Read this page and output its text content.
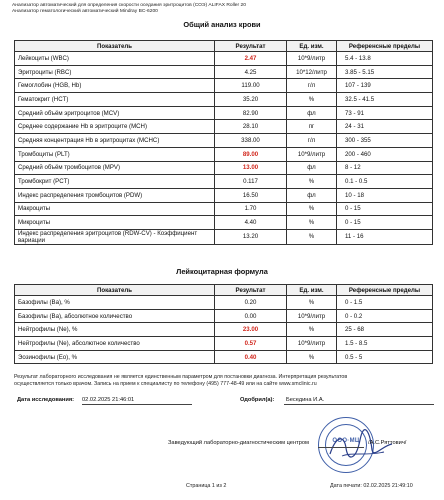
Анализатор автоматический для определения скорости оседания эритроцитов (СОЭ) ALIFAX Roller 20
Анализатор гематологический автоматический Mindray BC-6200
Общий анализ крови
Показатель	Результат	Ед. изм.	Референсные пределы
Лейкоциты (WBC)	2.47	10*9/литр	5.4 - 13.8
Эритроциты (RBC)	4.25	10*12/литр	3.85 - 5.15
Гемоглобин (HGB, Hb)	119.00	г/л	107 - 139
Гематокрит (HCT)	35.20	%	32.5 - 41.5
Средний объём эритроцитов (MCV)	82.90	фл	73 - 91
Среднее содержание Hb в эритроците (MCH)	28.10	пг	24 - 31
Средняя концентрация Hb в эритроцитах (MCHC)	338.00	г/л	300 - 355
Тромбоциты (PLT)	89.00	10*9/литр	200 - 460
Средний объём тромбоцитов (MPV)	13.00	фл	8 - 12
Тромбокрит (PCT)	0.117	%	0.1 - 0.5
Индекс распределения тромбоцитов (PDW)	16.50	фл	10 - 18
Макроциты	1.70	%	0 - 15
Микроциты	4.40	%	0 - 15
Индекс распределения эритроцитов (RDW-CV) - Коэффициент вариации	13.20	%	11 - 16
Лейкоцитарная формула
Показатель	Результат	Ед. изм.	Референсные пределы
Базофилы (Ba), %	0.20	%	0 - 1.5
Базофилы (Ba), абсолютное количество	0.00	10*9/литр	0 - 0.2
Нейтрофилы (Ne), %	23.00	%	25 - 68
Нейтрофилы (Ne), абсолютное количество	0.57	10*9/литр	1.5 - 8.5
Эозинофилы (Eo), %	0.40	%	0.5 - 5
Результат лабораторного исследования не является единственным параметром для постановки диагноза. Интерпретация результатов
осуществляется только врачом. Запись на прием к специалисту по телефону (495) 777-48-49 или на сайте www.smclinic.ru
Дата исследования: 02.02.2025 21:46:01	Одобрил(а): Беседина И.А.
ООО·МЦ
Заведующий лабораторно-диагностическим центром	/А.С.Ряттович/
Страница 1 из 2	Дата печати: 02.02.2025 21:49:10
